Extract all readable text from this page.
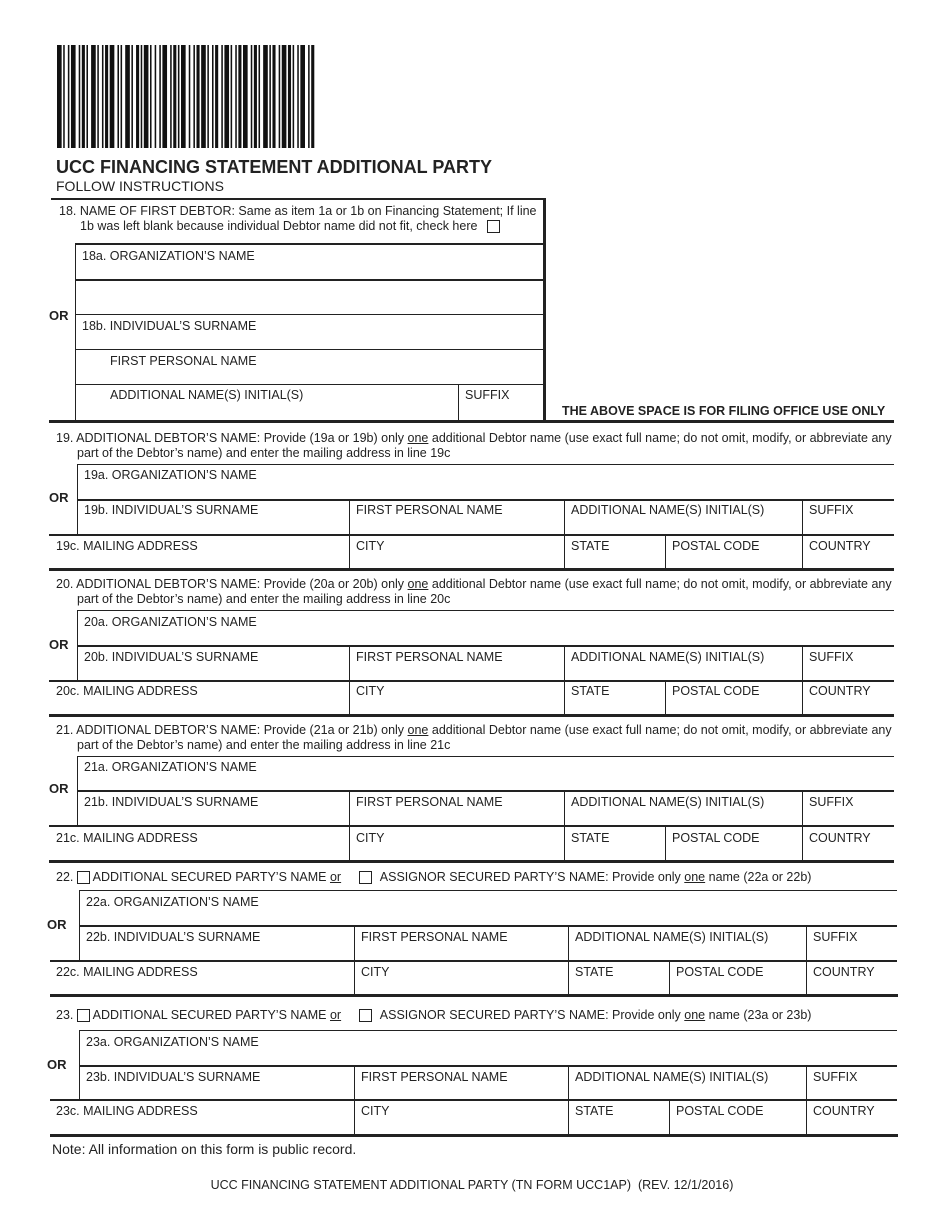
UCC FINANCING STATEMENT ADDITIONAL PARTY
FOLLOW INSTRUCTIONS
18. NAME OF FIRST DEBTOR: Same as item 1a or 1b on Financing Statement; If line
1b was left blank because individual Debtor name did not fit, check here
18a. ORGANIZATION’S NAME
18b. INDIVIDUAL’S SURNAME
FIRST PERSONAL NAME
ADDITIONAL NAME(S) INITIAL(S)	SUFFIX
OR
THE ABOVE SPACE IS FOR FILING OFFICE USE ONLY
19. ADDITIONAL DEBTOR’S NAME: Provide (19a or 19b) only one additional Debtor name (use exact full name; do not omit, modify, or abbreviate any
part of the Debtor’s name) and enter the mailing address in line 19c
19a. ORGANIZATION’S NAME
19b. INDIVIDUAL’S SURNAME	FIRST PERSONAL NAME	ADDITIONAL NAME(S) INITIAL(S)	SUFFIX
19c. MAILING ADDRESS	CITY	STATE	POSTAL CODE	COUNTRY
OR
20. ADDITIONAL DEBTOR’S NAME: Provide (20a or 20b) only one additional Debtor name (use exact full name; do not omit, modify, or abbreviate any
part of the Debtor’s name) and enter the mailing address in line 20c
20a. ORGANIZATION’S NAME
20b. INDIVIDUAL’S SURNAME	FIRST PERSONAL NAME	ADDITIONAL NAME(S) INITIAL(S)	SUFFIX
20c. MAILING ADDRESS	CITY	STATE	POSTAL CODE	COUNTRY
OR
21. ADDITIONAL DEBTOR’S NAME: Provide (21a or 21b) only one additional Debtor name (use exact full name; do not omit, modify, or abbreviate any
part of the Debtor’s name) and enter the mailing address in line 21c
21a. ORGANIZATION’S NAME
21b. INDIVIDUAL’S SURNAME	FIRST PERSONAL NAME	ADDITIONAL NAME(S) INITIAL(S)	SUFFIX
21c. MAILING ADDRESS	CITY	STATE	POSTAL CODE	COUNTRY
OR
22. ADDITIONAL SECURED PARTY’S NAME or	ASSIGNOR SECURED PARTY’S NAME: Provide only one name (22a or 22b)
22a. ORGANIZATION’S NAME
22b. INDIVIDUAL’S SURNAME	FIRST PERSONAL NAME	ADDITIONAL NAME(S) INITIAL(S)	SUFFIX
22c. MAILING ADDRESS	CITY	STATE	POSTAL CODE	COUNTRY
OR
23. ADDITIONAL SECURED PARTY’S NAME or	ASSIGNOR SECURED PARTY’S NAME: Provide only one name (23a or 23b)
23a. ORGANIZATION’S NAME
23b. INDIVIDUAL’S SURNAME	FIRST PERSONAL NAME	ADDITIONAL NAME(S) INITIAL(S)	SUFFIX
23c. MAILING ADDRESS	CITY	STATE	POSTAL CODE	COUNTRY
OR
Note: All information on this form is public record.
UCC FINANCING STATEMENT ADDITIONAL PARTY (TN FORM UCC1AP)  (REV. 12/1/2016)
